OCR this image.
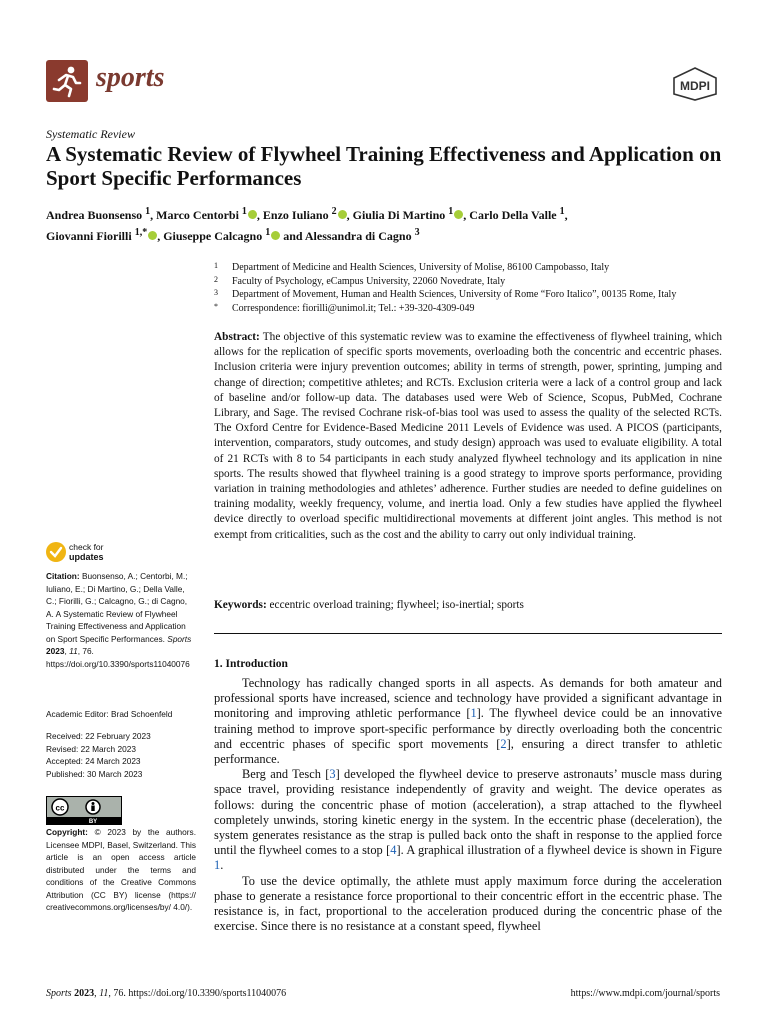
sports	MDPI
Systematic Review
A Systematic Review of Flywheel Training Effectiveness and Application on Sport Specific Performances
Andrea Buonsenso $^1$, Marco Centorbi $^1$ , Enzo Iuliano $^2$ , Giulia Di Martino $^1$ , Carlo Della Valle $^1$,
Giovanni Fiorilli $^{1,*}$ , Giuseppe Calcagno $^1$ and Alessandra di Cagno $^3$
1 Department of Medicine and Health Sciences, University of Molise, 86100 Campobasso, Italy
2 Faculty of Psychology, eCampus University, 22060 Novedrate, Italy
3 Department of Movement, Human and Health Sciences, University of Rome “Foro Italico”, 00135 Rome, Italy
* Correspondence: fiorilli@unimol.it; Tel.: +39-320-4309-049
Abstract: The objective of this systematic review was to examine the effectiveness of flywheel training, which allows for the replication of specific sports movements, overloading both the concentric and eccentric phases. Inclusion criteria were injury prevention outcomes; ability in terms of strength, power, sprinting, jumping and change of direction; competitive athletes; and RCTs. Exclusion criteria were a lack of a control group and lack of baseline and/or follow-up data. The databases used were Web of Science, Scopus, PubMed, Cochrane Library, and Sage. The revised Cochrane risk-of-bias tool was used to assess the quality of the selected RCTs. The Oxford Centre for Evidence-Based Medicine 2011 Levels of Evidence was used. A PICOS (participants, intervention, comparators, study outcomes, and study design) approach was used to evaluate eligibility. A total of 21 RCTs with 8 to 54 participants in each study analyzed flywheel technology and its application in nine sports. The results showed that flywheel training is a good strategy to improve sports performance, providing variation in training methodologies and athletes’ adherence. Further studies are needed to define guidelines on training modality, weekly frequency, volume, and inertia load. Only a few studies have applied the flywheel device directly to overload specific multidirectional movements at different joint angles. This method is not exempt from criticalities, such as the cost and the ability to carry out only individual training.
Keywords: eccentric overload training; flywheel; iso-inertial; sports
1. Introduction

Technology has radically changed sports in all aspects. As demands for both amateur and professional sports have increased, science and technology have provided a significant advantage in monitoring and improving athletic performance [1]. The flywheel device could be an innovative training method to improve sport-specific performance by directly overloading both the concentric and eccentric phases of specific sport movements [2], ensuring a direct transfer to athletic performance.

Berg and Tesch [3] developed the flywheel device to preserve astronauts’ muscle mass during space travel, providing resistance independently of gravity and weight. The device operates as follows: during the concentric phase of motion (acceleration), a strap attached to the flywheel completely unwinds, storing kinetic energy in the system. In the eccentric phase (deceleration), the system generates resistance as the strap is pulled back onto the shaft in response to the applied force until the flywheel comes to a stop [4]. A graphical illustration of a flywheel device is shown in Figure 1.

To use the device optimally, the athlete must apply maximum force during the acceleration phase to generate a resistance force proportional to their concentric effort in the eccentric phase. The resistance is, in fact, proportional to the acceleration produced during the concentric phase of the exercise. Since there is no resistance at a constant speed, flywheel

check for
updates
Citation: Buonsenso, A.; Centorbi, M.; Iuliano, E.; Di Martino, G.; Della Valle, C.; Fiorilli, G.; Calcagno, G.; di Cagno, A. A Systematic Review of Flywheel Training Effectiveness and Application on Sport Specific Performances. Sports 2023, 11, 76. https://doi.org/10.3390/sports11040076
Academic Editor: Brad Schoenfeld
Received: 22 February 2023
Revised: 22 March 2023
Accepted: 24 March 2023
Published: 30 March 2023
cc
BY
Copyright: © 2023 by the authors. Licensee MDPI, Basel, Switzerland. This article is an open access article distributed under the terms and conditions of the Creative Commons Attribution (CC BY) license (https:// creativecommons.org/licenses/by/ 4.0/).
Sports 2023, 11, 76. https://doi.org/10.3390/sports11040076	https://www.mdpi.com/journal/sports
